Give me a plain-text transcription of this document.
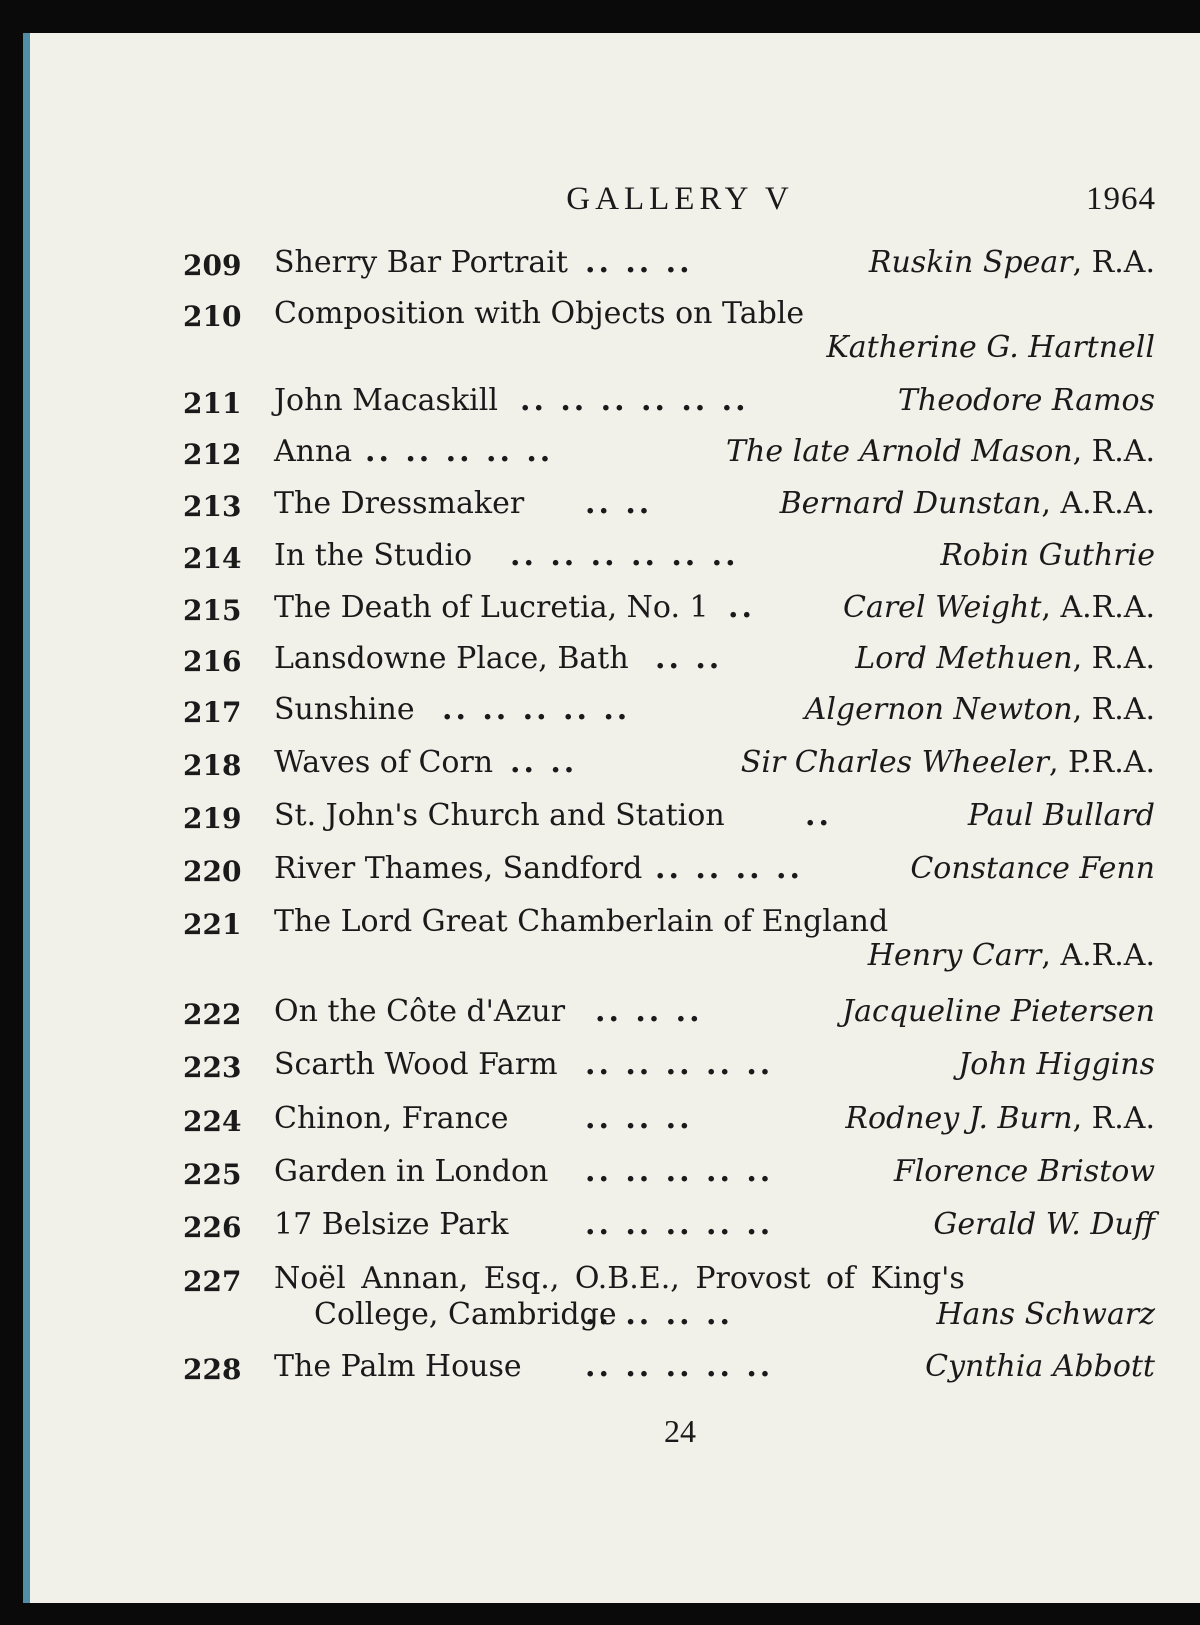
GALLERY V	1964
209	Sherry Bar Portrait .. .. ..	Ruskin Spear, R.A.
210	Composition with Objects on Table
Katherine G. Hartnell
211	John Macaskill .. .. .. .. .. ..	Theodore Ramos
212	Anna .. .. .. .. ..	The late Arnold Mason, R.A.
213	The Dressmaker .. ..	Bernard Dunstan, A.R.A.
214	In the Studio .. .. .. .. .. ..	Robin Guthrie
215	The Death of Lucretia, No. 1 ..	Carel Weight, A.R.A.
216	Lansdowne Place, Bath .. ..	Lord Methuen, R.A.
217	Sunshine .. .. .. .. ..	Algernon Newton, R.A.
218	Waves of Corn .. ..	Sir Charles Wheeler, P.R.A.
219	St. John's Church and Station	..	Paul Bullard
220	River Thames, Sandford .. .. .. ..	Constance Fenn
221	The Lord Great Chamberlain of England
Henry Carr, A.R.A.
222	On the Côte d'Azur .. .. ..	Jacqueline Pietersen
223	Scarth Wood Farm .. .. .. .. ..	John Higgins
224	Chinon, France	.. .. ..	Rodney J. Burn, R.A.
225	Garden in London .. .. .. .. ..	Florence Bristow
226	17 Belsize Park	.. .. .. .. ..	Gerald W. Duff
227	Noël Annan, Esq., O.B.E., Provost of King's
College, Cambridge
.. .. .. ..	Hans Schwarz
228	The Palm House .. .. .. .. ..	Cynthia Abbott
24
